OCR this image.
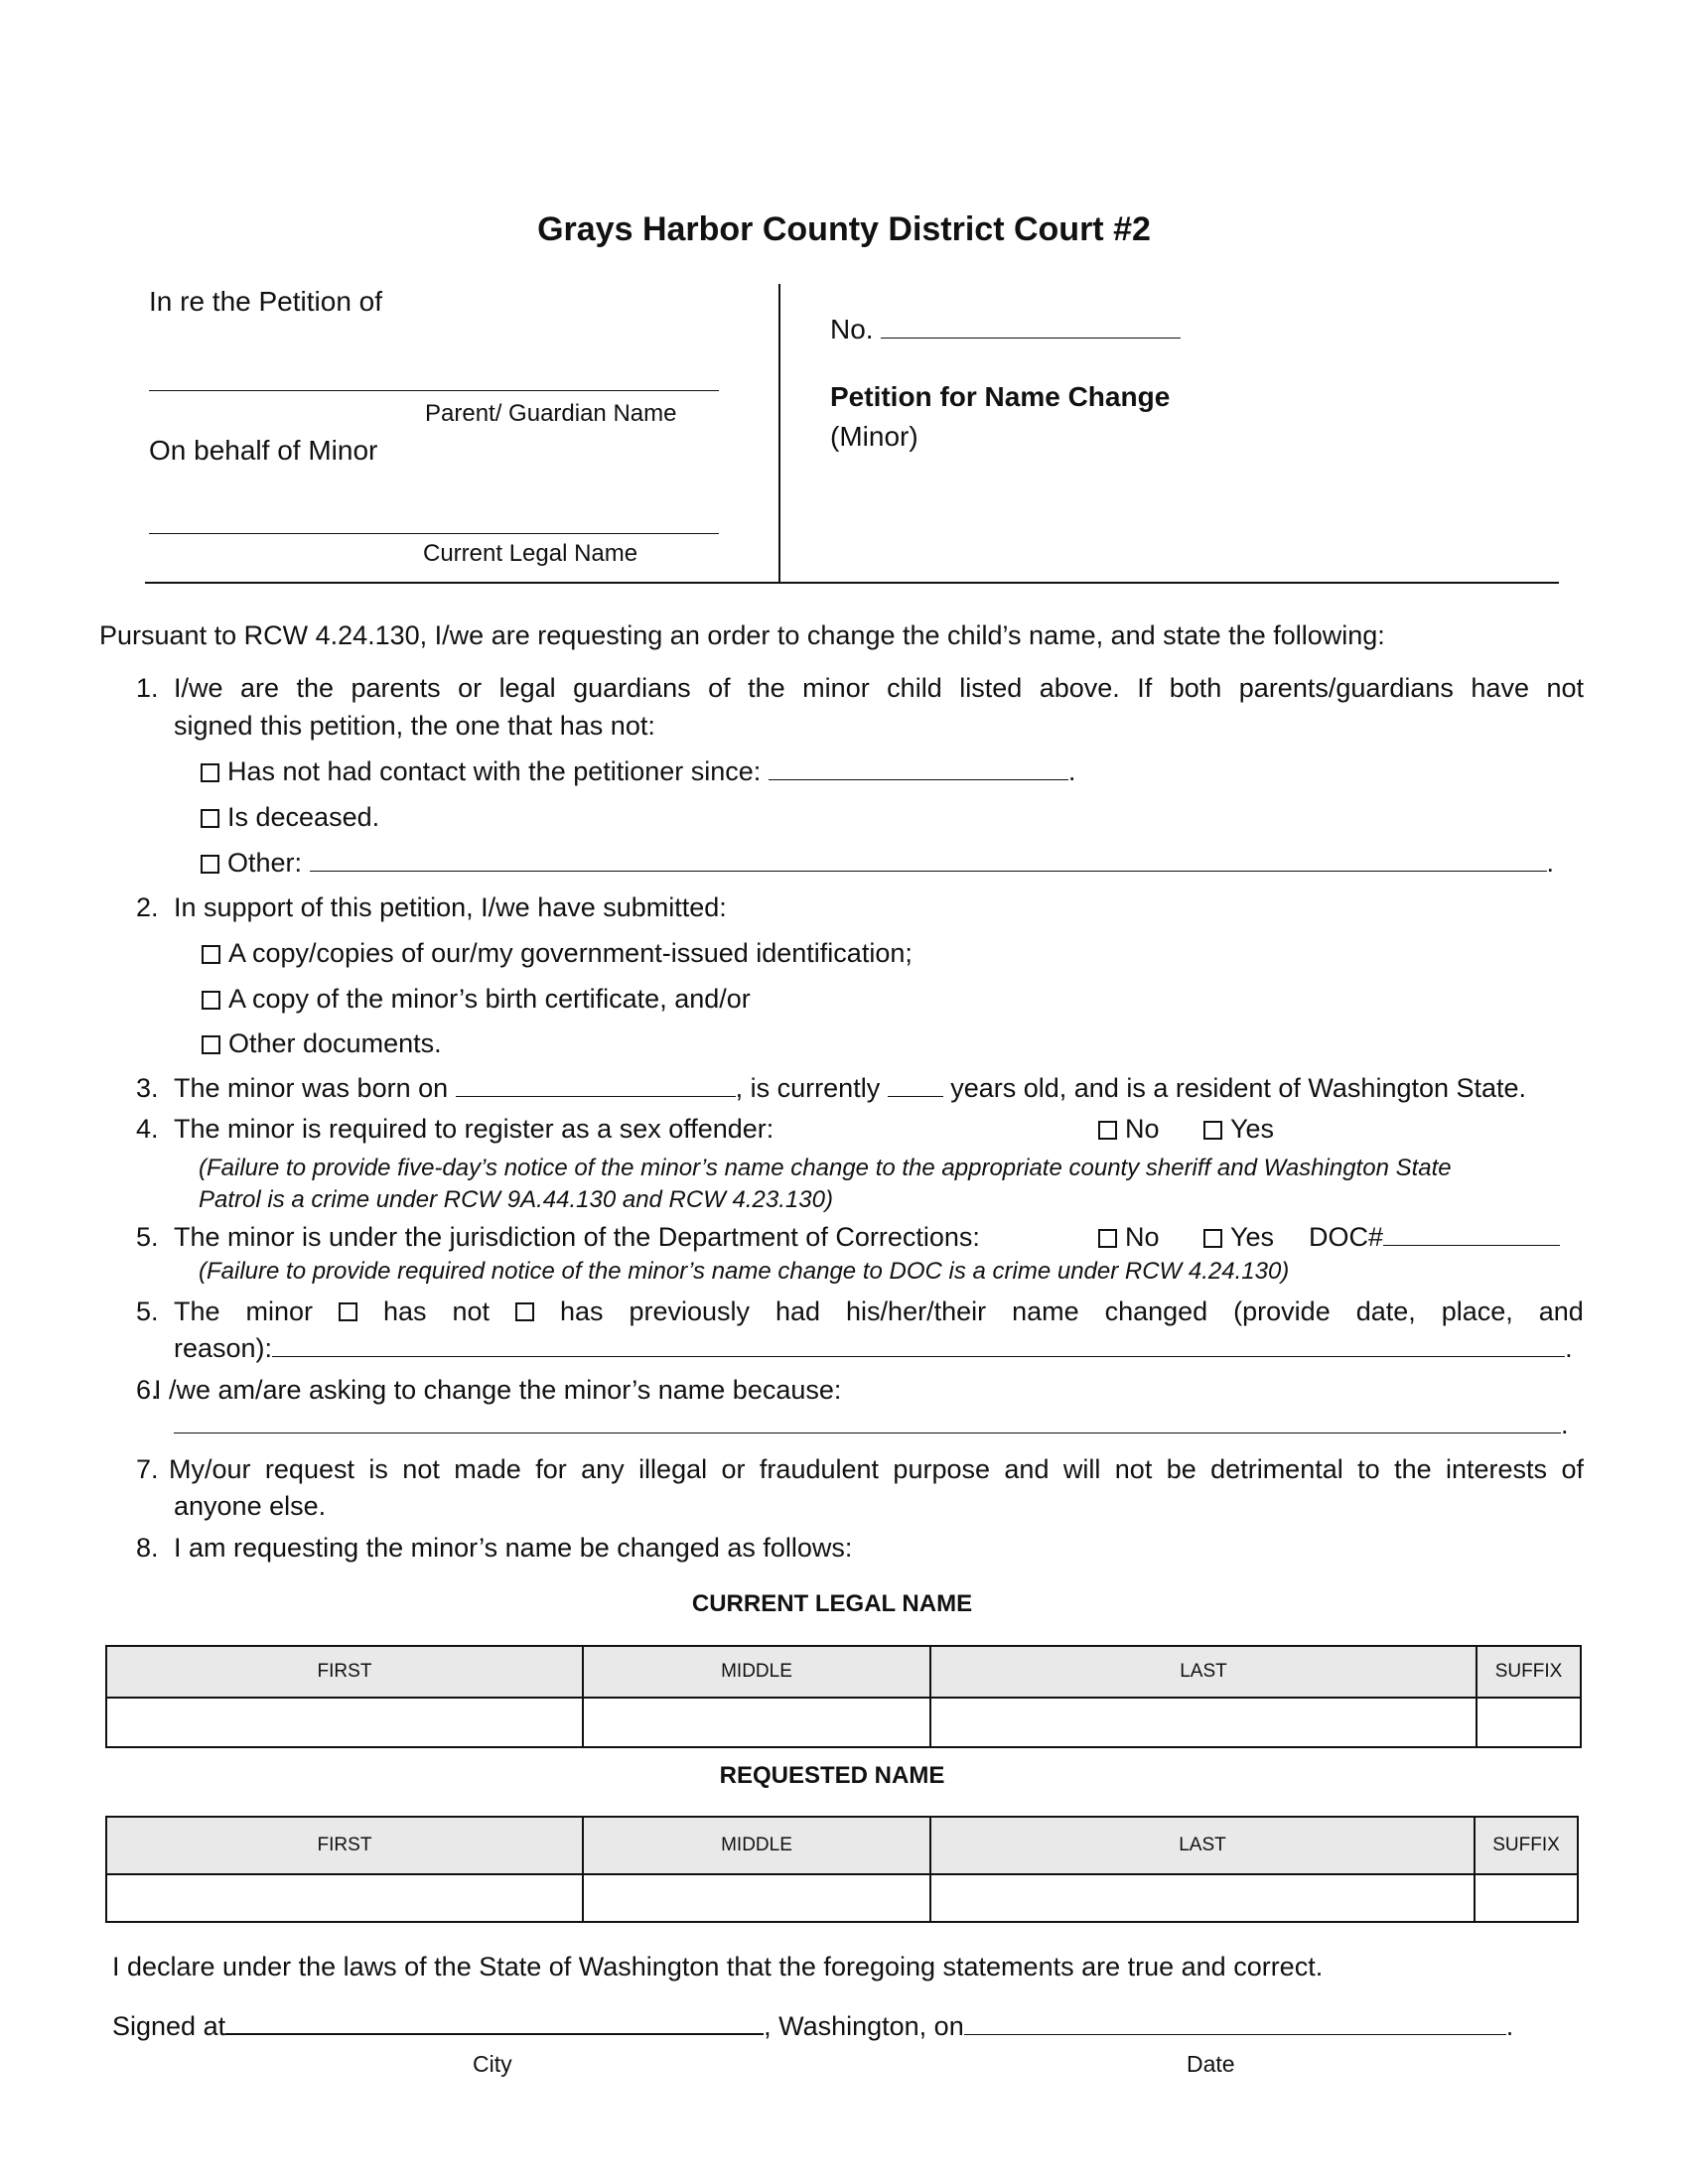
Grays Harbor County District Court #2
In re the Petition of
Parent/ Guardian Name
On behalf of Minor
Current Legal Name
No.
Petition for Name Change
(Minor)
Pursuant to RCW 4.24.130, I/we are requesting an order to change the child’s name, and state the following:
1. I/we are the parents or legal guardians of the minor child listed above. If both parents/guardians have not
signed this petition, the one that has not:
Has not had contact with the petitioner since:	.
Is deceased.
Other:	.
2. In support of this petition, I/we have submitted:
A copy/copies of our/my government-issued identification;
A copy of the minor’s birth certificate, and/or
Other documents.
3. The minor was born on	, is currently	years old, and is a resident of Washington State.
4. The minor is required to register as a sex offender:	No	Yes
(Failure to provide five-day’s notice of the minor’s name change to the appropriate county sheriff and Washington State
Patrol is a crime under RCW 9A.44.130 and RCW 4.23.130)
5. The minor is under the jurisdiction of the Department of Corrections:	No	Yes DOC#
(Failure to provide required notice of the minor’s name change to DOC is a crime under RCW 4.24.130)
5. The minor	has not	has previously had his/her/their name changed (provide date, place, and
reason):	.
6.
I /we am/are asking to change the minor’s name because:
.
7. My/our request is not made for any illegal or fraudulent purpose and will not be detrimental to the interests of
anyone else.
8. I am requesting the minor’s name be changed as follows:
CURRENT LEGAL NAME
FIRST	MIDDLE	LAST	SUFFIX

REQUESTED NAME
FIRST	MIDDLE	LAST	SUFFIX

I declare under the laws of the State of Washington that the foregoing statements are true and correct.
Signed at	, Washington, on	.
City	Date
